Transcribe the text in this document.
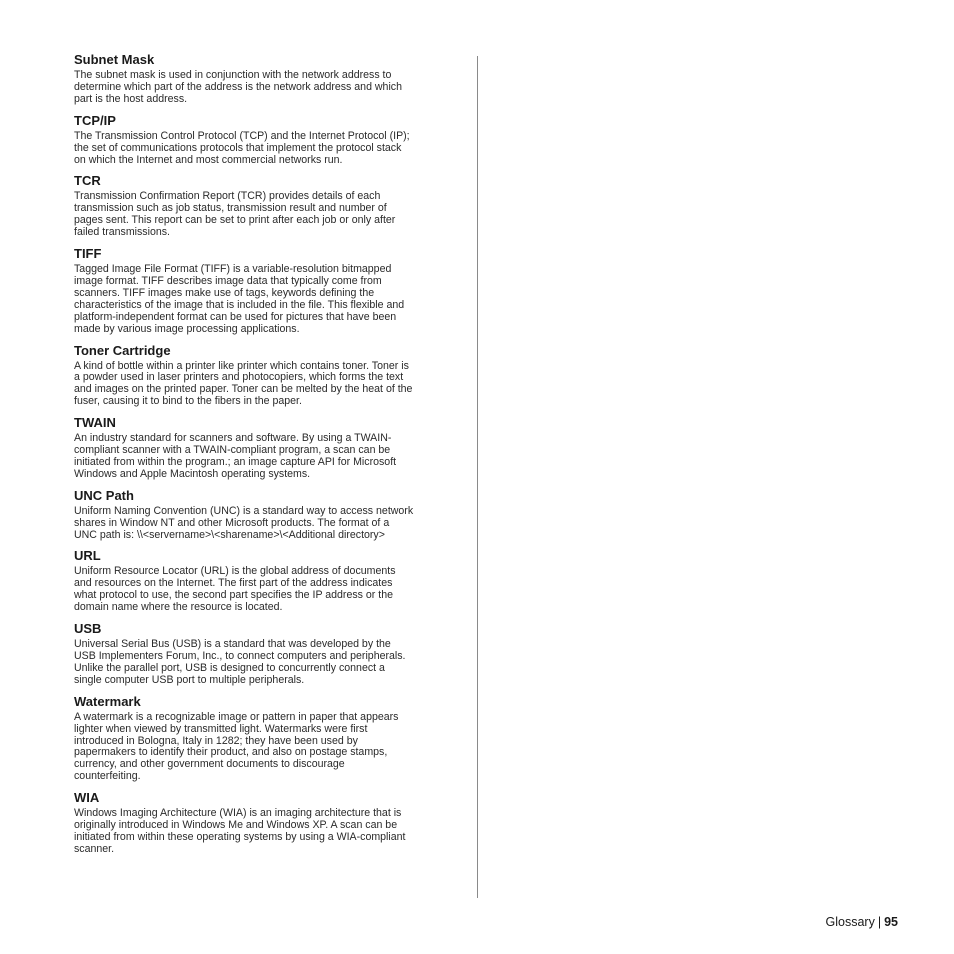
Subnet Mask
The subnet mask is used in conjunction with the network address to
determine which part of the address is the network address and which
part is the host address.
TCP/IP
The Transmission Control Protocol (TCP) and the Internet Protocol (IP);
the set of communications protocols that implement the protocol stack
on which the Internet and most commercial networks run.
TCR
Transmission Confirmation Report (TCR) provides details of each
transmission such as job status, transmission result and number of
pages sent. This report can be set to print after each job or only after
failed transmissions.
TIFF
Tagged Image File Format (TIFF) is a variable-resolution bitmapped
image format. TIFF describes image data that typically come from
scanners. TIFF images make use of tags, keywords defining the
characteristics of the image that is included in the file. This flexible and
platform-independent format can be used for pictures that have been
made by various image processing applications.
Toner Cartridge
A kind of bottle within a printer like printer which contains toner. Toner is
a powder used in laser printers and photocopiers, which forms the text
and images on the printed paper. Toner can be melted by the heat of the
fuser, causing it to bind to the fibers in the paper.
TWAIN
An industry standard for scanners and software. By using a TWAIN-
compliant scanner with a TWAIN-compliant program, a scan can be
initiated from within the program.; an image capture API for Microsoft
Windows and Apple Macintosh operating systems.
UNC Path
Uniform Naming Convention (UNC) is a standard way to access network
shares in Window NT and other Microsoft products. The format of a
UNC path is: \\<servername>\<sharename>\<Additional directory>
URL
Uniform Resource Locator (URL) is the global address of documents
and resources on the Internet. The first part of the address indicates
what protocol to use, the second part specifies the IP address or the
domain name where the resource is located.
USB
Universal Serial Bus (USB) is a standard that was developed by the
USB Implementers Forum, Inc., to connect computers and peripherals.
Unlike the parallel port, USB is designed to concurrently connect a
single computer USB port to multiple peripherals.
Watermark
A watermark is a recognizable image or pattern in paper that appears
lighter when viewed by transmitted light. Watermarks were first
introduced in Bologna, Italy in 1282; they have been used by
papermakers to identify their product, and also on postage stamps,
currency, and other government documents to discourage
counterfeiting.
WIA
Windows Imaging Architecture (WIA) is an imaging architecture that is
originally introduced in Windows Me and Windows XP. A scan can be
initiated from within these operating systems by using a WIA-compliant
scanner.
Glossary | 95
